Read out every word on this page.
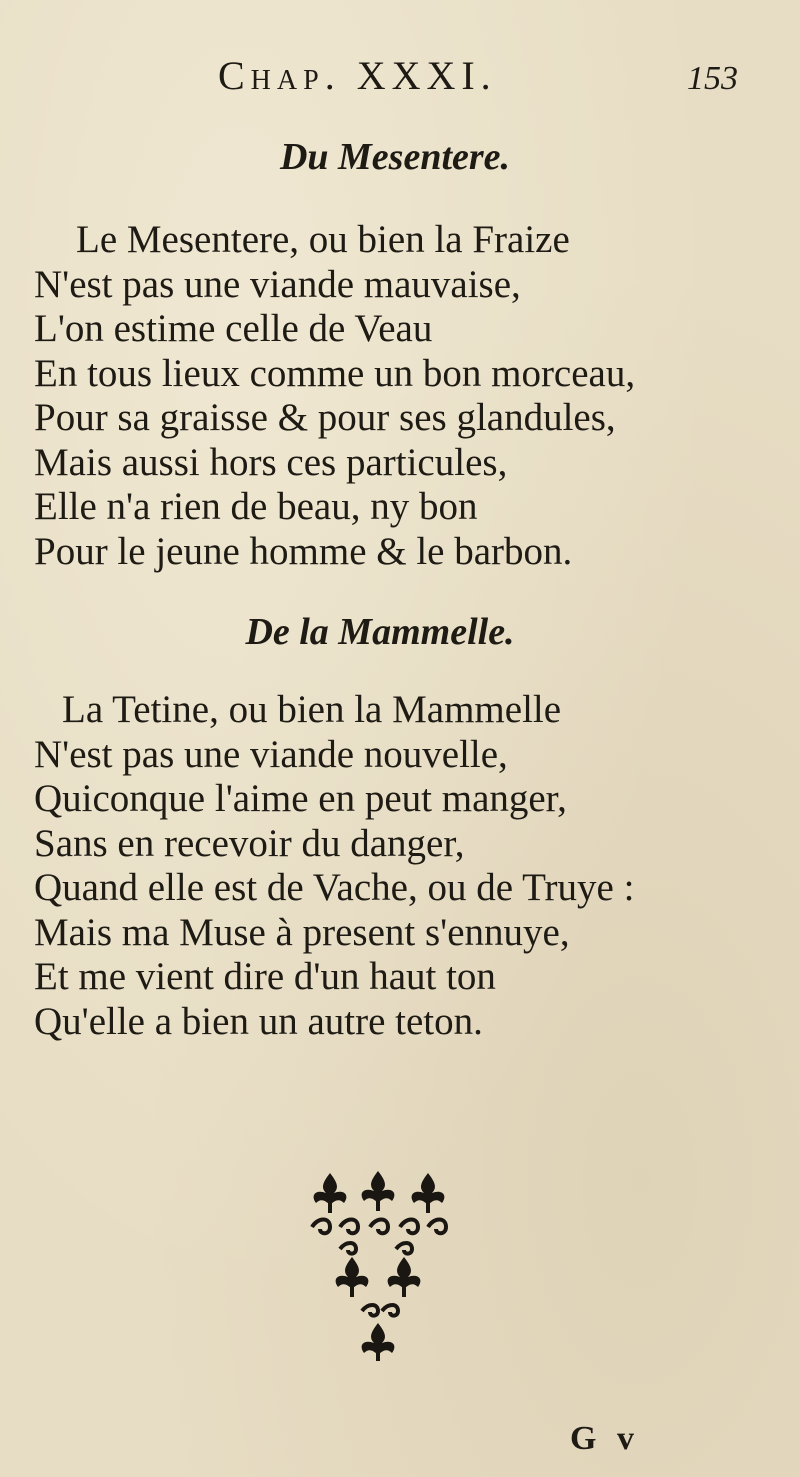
Chap. XXXI.	153
Du Mesentere.
Le Mesentere, ou bien la Fraize
N'est pas une viande mauvaise,
L'on estime celle de Veau
En tous lieux comme un bon morceau,
Pour sa graisse & pour ses glandules,
Mais aussi hors ces particules,
Elle n'a rien de beau, ny bon
Pour le jeune homme & le barbon.
De la Mammelle.
La Tetine, ou bien la Mammelle
N'est pas une viande nouvelle,
Quiconque l'aime en peut manger,
Sans en recevoir du danger,
Quand elle est de Vache, ou de Truye :
Mais ma Muse à present s'ennuye,
Et me vient dire d'un haut ton
Qu'elle a bien un autre teton.
G v
